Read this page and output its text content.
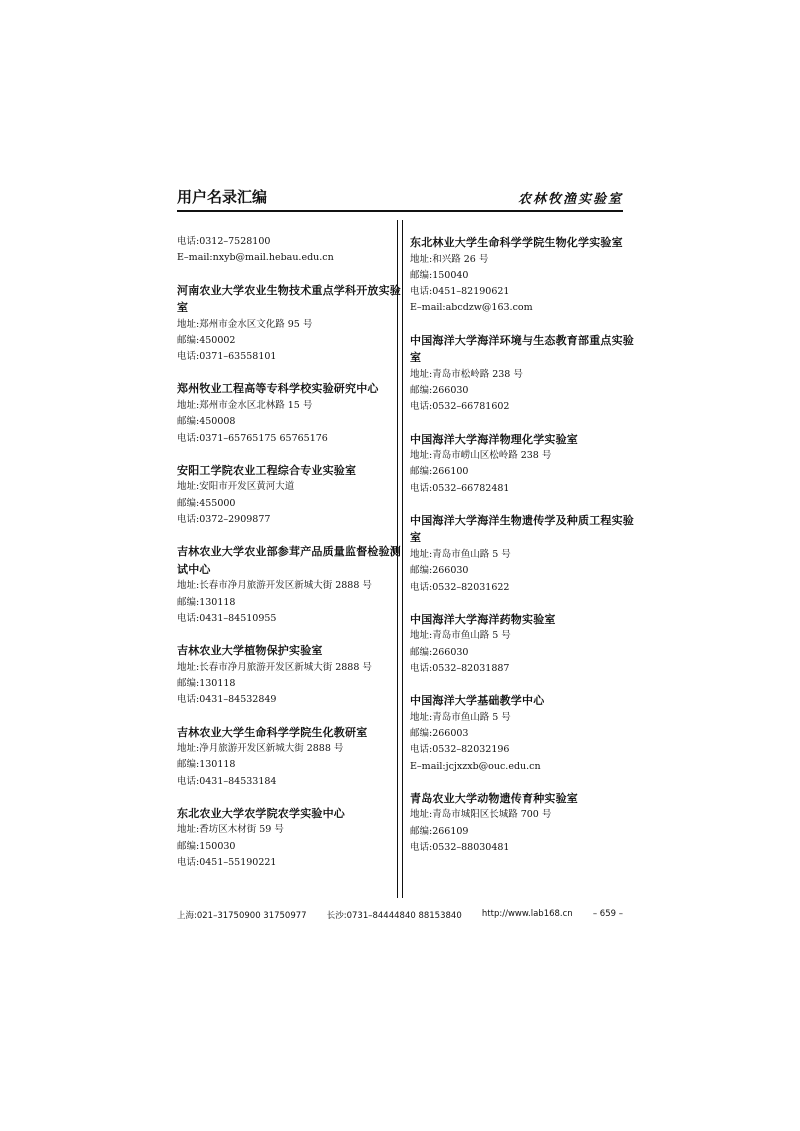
用户名录汇编	农林牧渔实验室
电话:0312–7528100
E–mail:nxyb@mail.hebau.edu.cn
河南农业大学农业生物技术重点学科开放实验室
地址:郑州市金水区文化路 95 号
邮编:450002
电话:0371–63558101
郑州牧业工程高等专科学校实验研究中心
地址:郑州市金水区北林路 15 号
邮编:450008
电话:0371–65765175 65765176
安阳工学院农业工程综合专业实验室
地址:安阳市开发区黄河大道
邮编:455000
电话:0372–2909877
吉林农业大学农业部参茸产品质量监督检验测试中心
地址:长春市净月旅游开发区新城大街 2888 号
邮编:130118
电话:0431–84510955
吉林农业大学植物保护实验室
地址:长春市净月旅游开发区新城大街 2888 号
邮编:130118
电话:0431–84532849
吉林农业大学生命科学学院生化教研室
地址:净月旅游开发区新城大街 2888 号
邮编:130118
电话:0431–84533184
东北农业大学农学院农学实验中心
地址:香坊区木材街 59 号
邮编:150030
电话:0451–55190221
东北林业大学生命科学学院生物化学实验室
地址:和兴路 26 号
邮编:150040
电话:0451–82190621
E–mail:abcdzw@163.com
中国海洋大学海洋环境与生态教育部重点实验室
地址:青岛市松岭路 238 号
邮编:266030
电话:0532–66781602
中国海洋大学海洋物理化学实验室
地址:青岛市崂山区松岭路 238 号
邮编:266100
电话:0532–66782481
中国海洋大学海洋生物遗传学及种质工程实验室
地址:青岛市鱼山路 5 号
邮编:266030
电话:0532–82031622
中国海洋大学海洋药物实验室
地址:青岛市鱼山路 5 号
邮编:266030
电话:0532–82031887
中国海洋大学基础教学中心
地址:青岛市鱼山路 5 号
邮编:266003
电话:0532–82032196
E–mail:jcjxzxb@ouc.edu.cn
青岛农业大学动物遗传育种实验室
地址:青岛市城阳区长城路 700 号
邮编:266109
电话:0532–88030481
上海:021–31750900 31750977 长沙:0731–84444840 88153840 http://www.lab168.cn – 659 –
